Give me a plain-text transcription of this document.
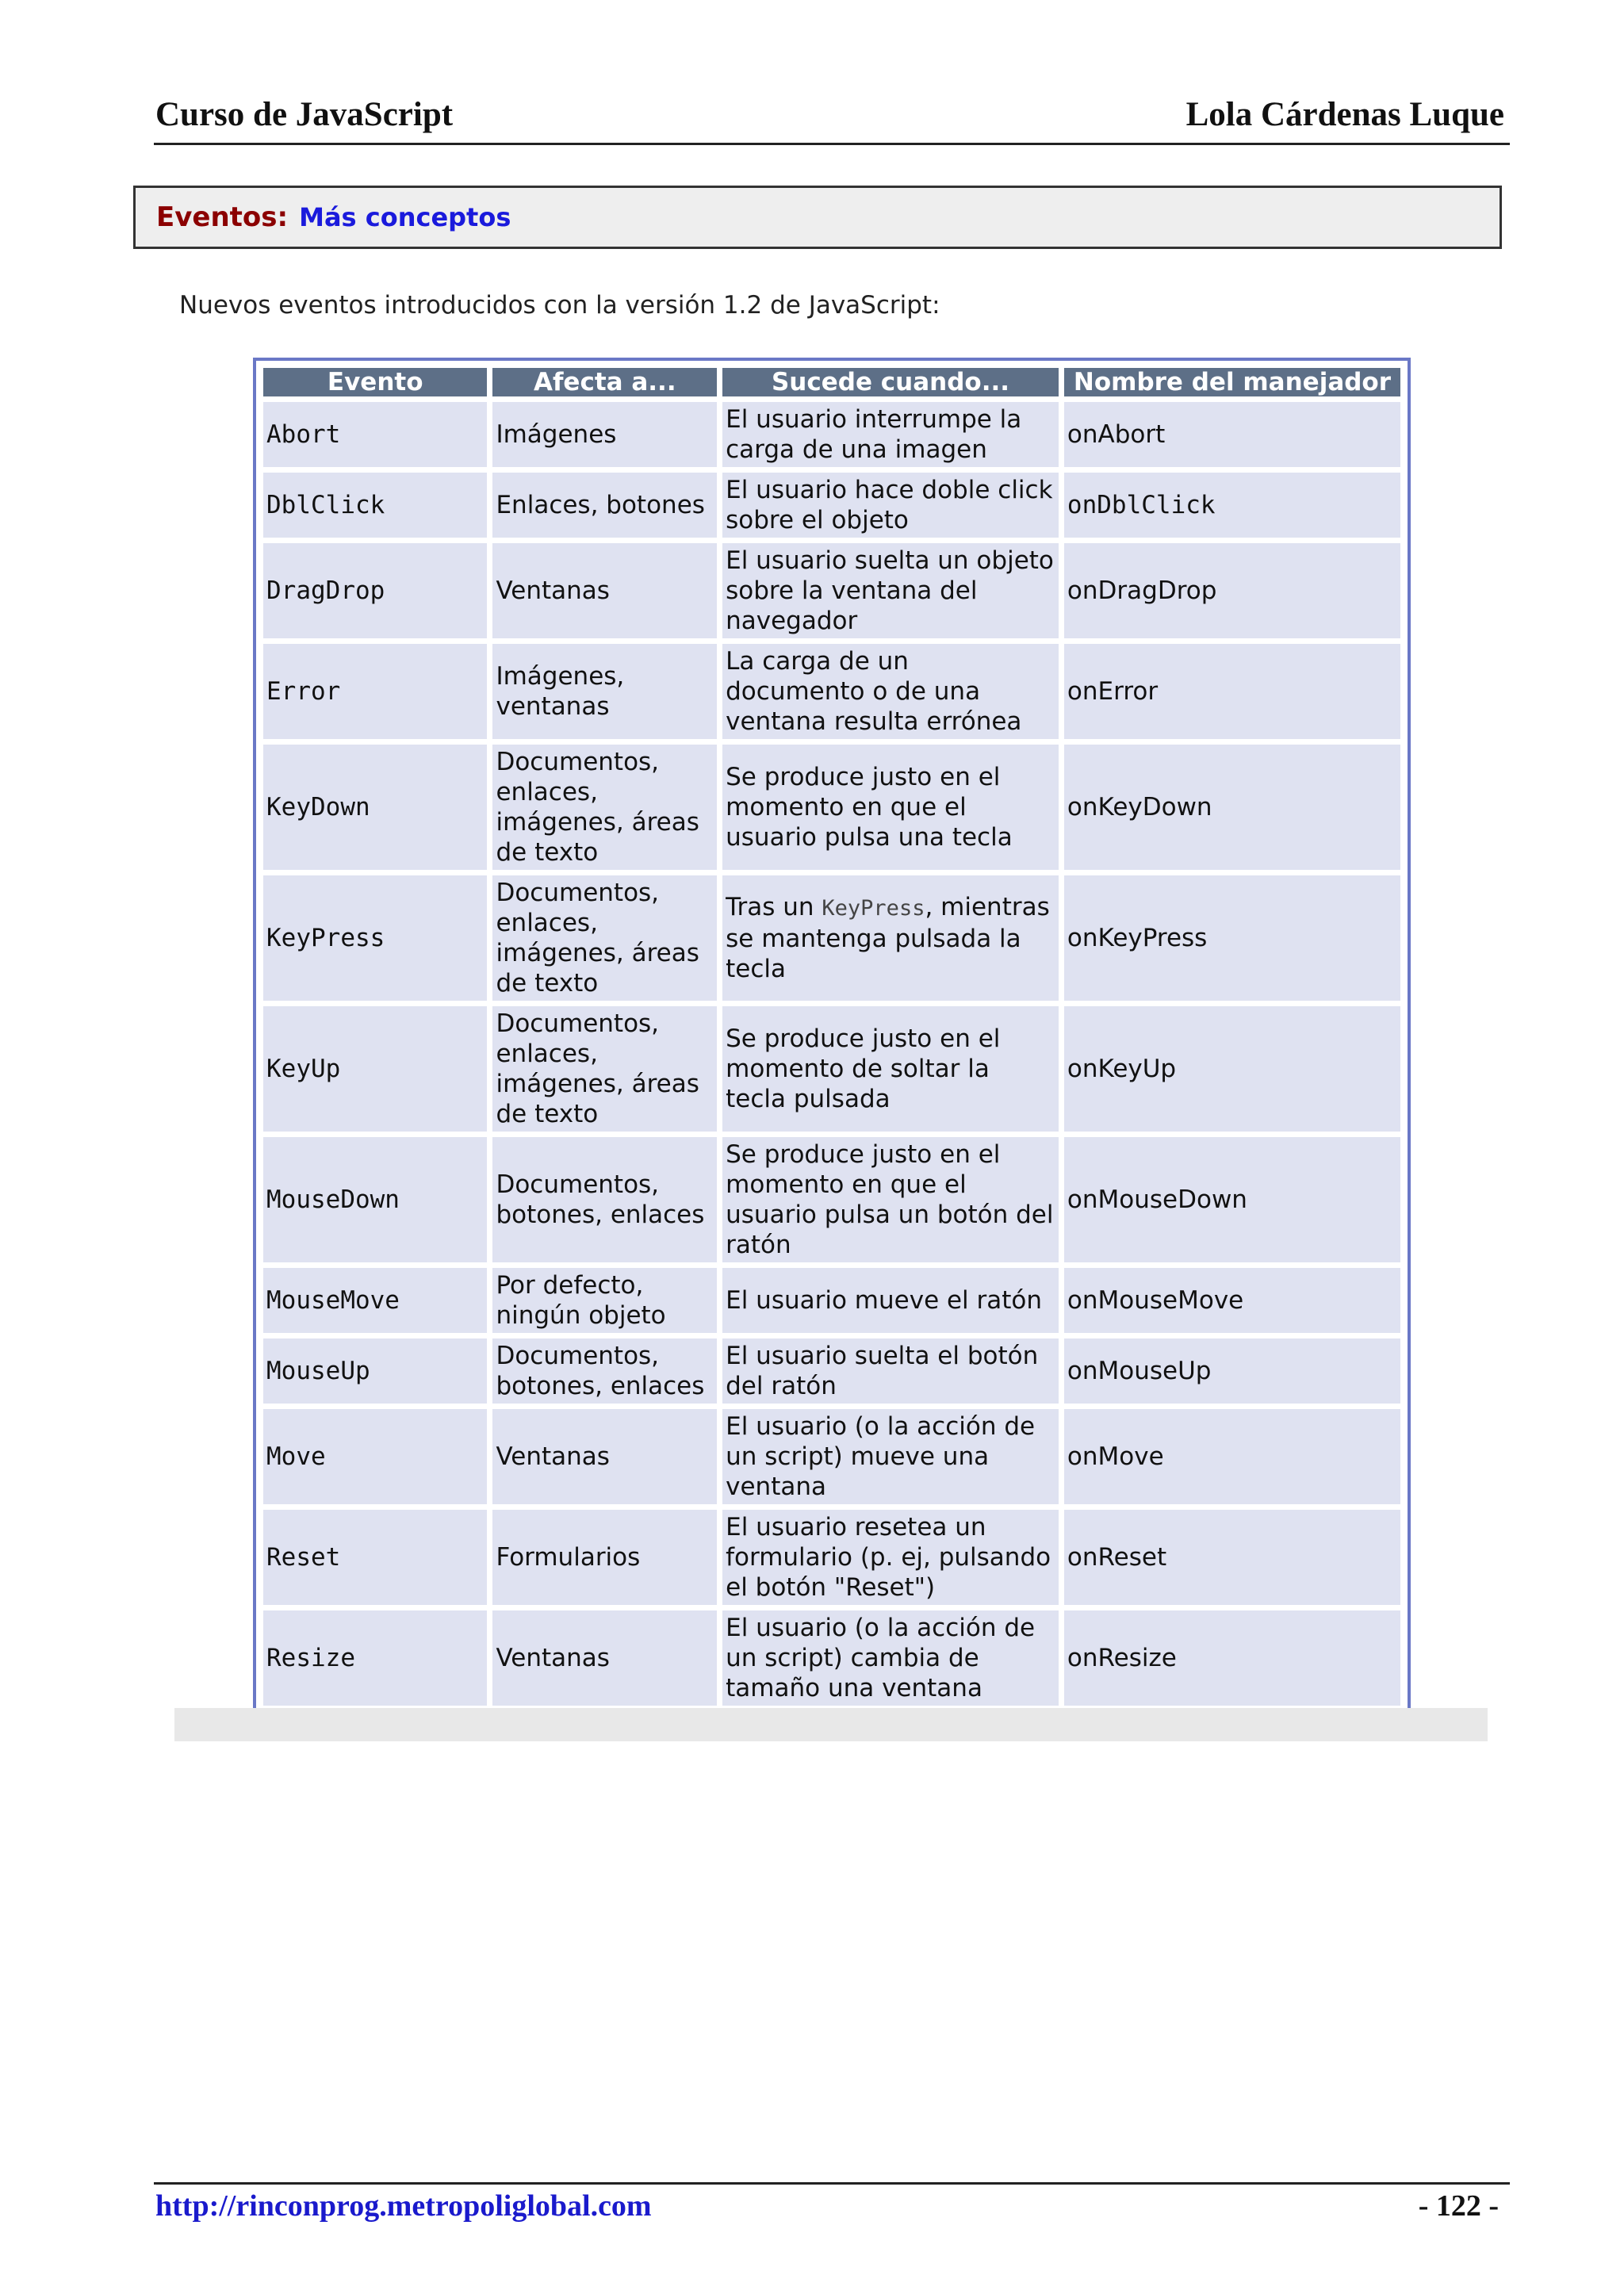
Curso de JavaScript	Lola Cárdenas Luque
Eventos: Más conceptos
Nuevos eventos introducidos con la versión 1.2 de JavaScript:
Evento	Afecta a...	Sucede cuando...	Nombre del manejador
Abort	Imágenes	El usuario interrumpe la carga de una imagen	onAbort
DblClick	Enlaces, botones	El usuario hace doble click sobre el objeto	onDblClick
DragDrop	Ventanas	El usuario suelta un objeto sobre la ventana del navegador	onDragDrop
Error	Imágenes, ventanas	La carga de un documento o de una ventana resulta errónea	onError
KeyDown	Documentos, enlaces, imágenes, áreas de texto	Se produce justo en el momento en que el usuario pulsa una tecla	onKeyDown
KeyPress	Documentos, enlaces, imágenes, áreas de texto	Tras un KeyPress, mientras se mantenga pulsada la tecla	onKeyPress
KeyUp	Documentos, enlaces, imágenes, áreas de texto	Se produce justo en el momento de soltar la tecla pulsada	onKeyUp
MouseDown	Documentos, botones, enlaces	Se produce justo en el momento en que el usuario pulsa un botón del ratón	onMouseDown
MouseMove	Por defecto, ningún objeto	El usuario mueve el ratón	onMouseMove
MouseUp	Documentos, botones, enlaces	El usuario suelta el botón del ratón	onMouseUp
Move	Ventanas	El usuario (o la acción de un script) mueve una ventana	onMove
Reset	Formularios	El usuario resetea un formulario (p. ej, pulsando el botón "Reset")	onReset
Resize	Ventanas	El usuario (o la acción de un script) cambia de tamaño una ventana	onResize
http://rinconprog.metropoliglobal.com	- 122 -
